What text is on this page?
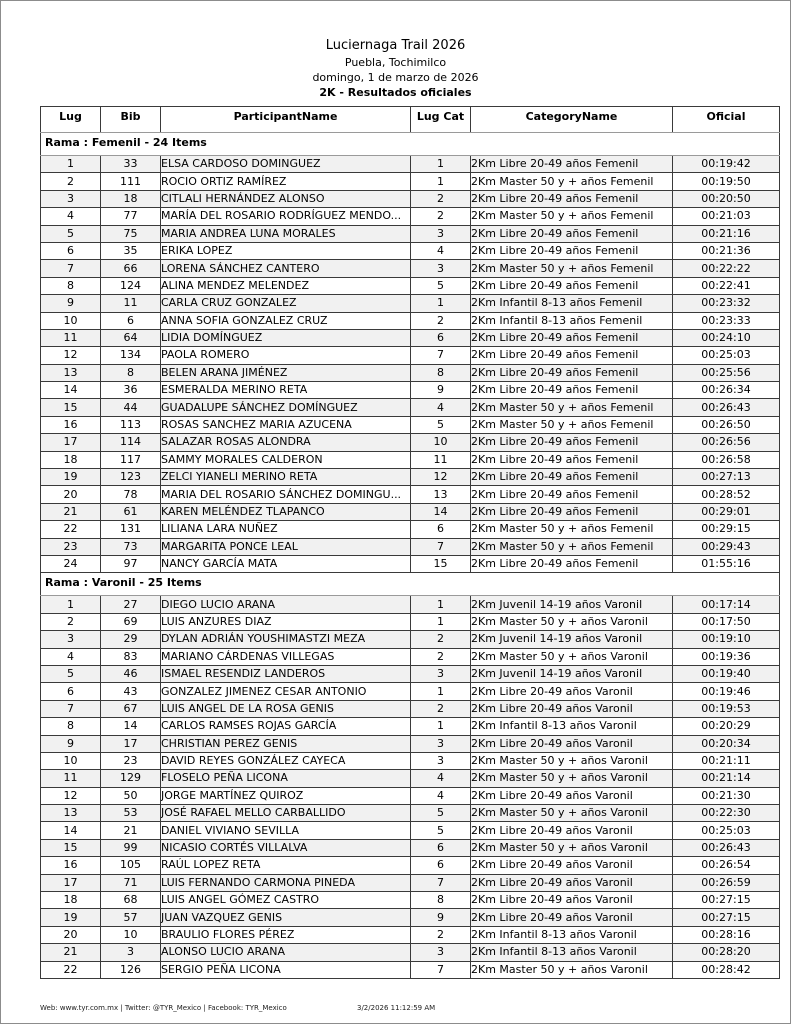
Luciernaga Trail 2026
Puebla, Tochimilco
domingo, 1 de marzo de 2026
2K - Resultados oficiales
Lug	Bib	ParticipantName	Lug Cat	CategoryName	Oficial
Rama : Femenil - 24 Items					
1	33	ELSA CARDOSO DOMINGUEZ	1	2Km Libre 20-49 años Femenil	00:19:42
2	111	ROCIO ORTIZ RAMÍREZ	1	2Km Master 50 y + años Femenil	00:19:50
3	18	CITLALI HERNÁNDEZ ALONSO	2	2Km Libre 20-49 años Femenil	00:20:50
4	77	MARÍA DEL ROSARIO RODRÍGUEZ MENDO...	2	2Km Master 50 y + años Femenil	00:21:03
5	75	MARIA ANDREA LUNA MORALES	3	2Km Libre 20-49 años Femenil	00:21:16
6	35	ERIKA LOPEZ	4	2Km Libre 20-49 años Femenil	00:21:36
7	66	LORENA SÁNCHEZ CANTERO	3	2Km Master 50 y + años Femenil	00:22:22
8	124	ALINA MENDEZ MELENDEZ	5	2Km Libre 20-49 años Femenil	00:22:41
9	11	CARLA CRUZ GONZALEZ	1	2Km Infantil 8-13 años Femenil	00:23:32
10	6	ANNA SOFIA GONZALEZ CRUZ	2	2Km Infantil 8-13 años Femenil	00:23:33
11	64	LIDIA DOMÍNGUEZ	6	2Km Libre 20-49 años Femenil	00:24:10
12	134	PAOLA ROMERO	7	2Km Libre 20-49 años Femenil	00:25:03
13	8	BELEN ARANA JIMÉNEZ	8	2Km Libre 20-49 años Femenil	00:25:56
14	36	ESMERALDA MERINO RETA	9	2Km Libre 20-49 años Femenil	00:26:34
15	44	GUADALUPE SÁNCHEZ DOMÍNGUEZ	4	2Km Master 50 y + años Femenil	00:26:43
16	113	ROSAS SANCHEZ MARIA AZUCENA	5	2Km Master 50 y + años Femenil	00:26:50
17	114	SALAZAR ROSAS ALONDRA	10	2Km Libre 20-49 años Femenil	00:26:56
18	117	SAMMY MORALES CALDERON	11	2Km Libre 20-49 años Femenil	00:26:58
19	123	ZELCI YIANELI MERINO RETA	12	2Km Libre 20-49 años Femenil	00:27:13
20	78	MARIA DEL ROSARIO SÁNCHEZ DOMINGU...	13	2Km Libre 20-49 años Femenil	00:28:52
21	61	KAREN MELÉNDEZ TLAPANCO	14	2Km Libre 20-49 años Femenil	00:29:01
22	131	LILIANA LARA NUÑEZ	6	2Km Master 50 y + años Femenil	00:29:15
23	73	MARGARITA PONCE LEAL	7	2Km Master 50 y + años Femenil	00:29:43
24	97	NANCY GARCÍA MATA	15	2Km Libre 20-49 años Femenil	01:55:16
Rama : Varonil - 25 Items					
1	27	DIEGO LUCIO ARANA	1	2Km Juvenil 14-19 años Varonil	00:17:14
2	69	LUIS ANZURES DIAZ	1	2Km Master 50 y + años Varonil	00:17:50
3	29	DYLAN ADRIÁN YOUSHIMASTZI MEZA	2	2Km Juvenil 14-19 años Varonil	00:19:10
4	83	MARIANO CÁRDENAS VILLEGAS	2	2Km Master 50 y + años Varonil	00:19:36
5	46	ISMAEL RESENDIZ LANDEROS	3	2Km Juvenil 14-19 años Varonil	00:19:40
6	43	GONZALEZ JIMENEZ CESAR ANTONIO	1	2Km Libre 20-49 años Varonil	00:19:46
7	67	LUIS ANGEL DE LA ROSA GENIS	2	2Km Libre 20-49 años Varonil	00:19:53
8	14	CARLOS RAMSES ROJAS GARCÍA	1	2Km Infantil 8-13 años Varonil	00:20:29
9	17	CHRISTIAN PEREZ GENIS	3	2Km Libre 20-49 años Varonil	00:20:34
10	23	DAVID REYES GONZÁLEZ CAYECA	3	2Km Master 50 y + años Varonil	00:21:11
11	129	FLOSELO PEÑA LICONA	4	2Km Master 50 y + años Varonil	00:21:14
12	50	JORGE MARTÍNEZ QUIROZ	4	2Km Libre 20-49 años Varonil	00:21:30
13	53	JOSÉ RAFAEL MELLO CARBALLIDO	5	2Km Master 50 y + años Varonil	00:22:30
14	21	DANIEL VIVIANO SEVILLA	5	2Km Libre 20-49 años Varonil	00:25:03
15	99	NICASIO CORTÉS VILLALVA	6	2Km Master 50 y + años Varonil	00:26:43
16	105	RAÚL LOPEZ RETA	6	2Km Libre 20-49 años Varonil	00:26:54
17	71	LUIS FERNANDO CARMONA PINEDA	7	2Km Libre 20-49 años Varonil	00:26:59
18	68	LUIS ANGEL GÓMEZ CASTRO	8	2Km Libre 20-49 años Varonil	00:27:15
19	57	JUAN VAZQUEZ GENIS	9	2Km Libre 20-49 años Varonil	00:27:15
20	10	BRAULIO FLORES PÉREZ	2	2Km Infantil 8-13 años Varonil	00:28:16
21	3	ALONSO LUCIO ARANA	3	2Km Infantil 8-13 años Varonil	00:28:20
22	126	SERGIO PEÑA LICONA	7	2Km Master 50 y + años Varonil	00:28:42
Web: www.tyr.com.mx | Twitter: @TYR_Mexico | Facebook: TYR_Mexico	3/2/2026 11:12:59 AM
